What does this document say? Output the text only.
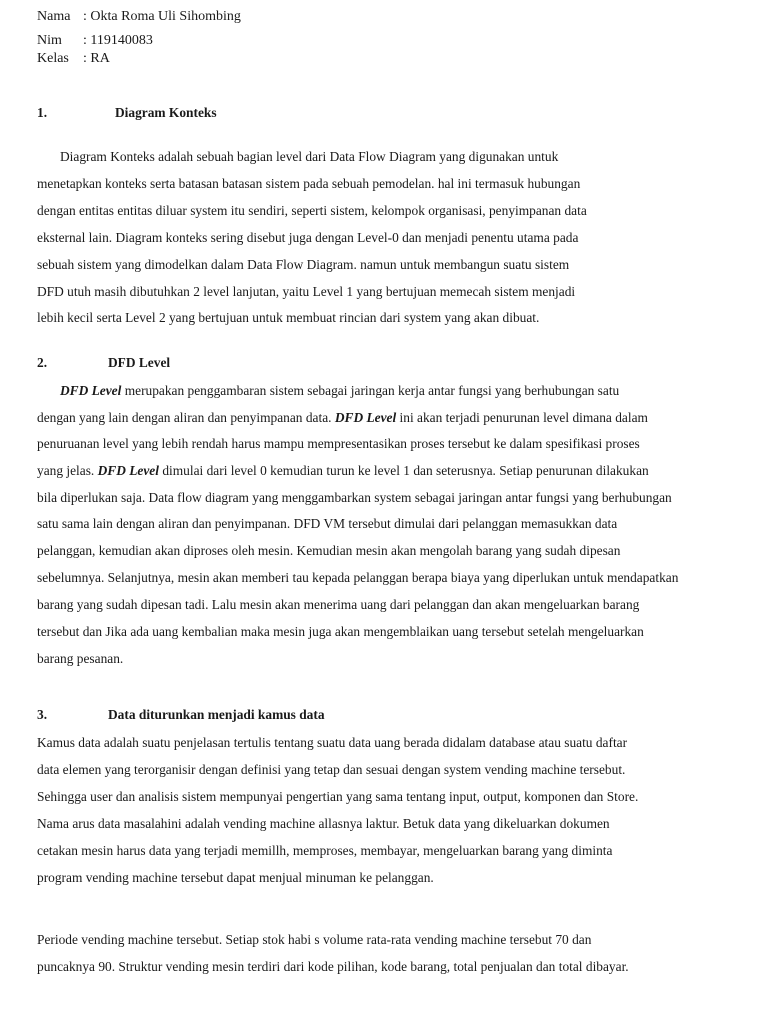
Nama : Okta Roma Uli Sihombing
Nim : 119140083
Kelas : RA
1.	Diagram Konteks
Diagram Konteks adalah sebuah bagian level dari Data Flow Diagram yang digunakan untuk
menetapkan konteks serta batasan batasan sistem pada sebuah pemodelan. hal ini termasuk hubungan
dengan entitas entitas diluar system itu sendiri, seperti sistem, kelompok organisasi, penyimpanan data
eksternal lain. Diagram konteks sering disebut juga dengan Level-0 dan menjadi penentu utama pada
sebuah sistem yang dimodelkan dalam Data Flow Diagram. namun untuk membangun suatu sistem
DFD utuh masih dibutuhkan 2 level lanjutan, yaitu Level 1 yang bertujuan memecah sistem menjadi
lebih kecil serta Level 2 yang bertujuan untuk membuat rincian dari system yang akan dibuat.
2.	DFD Level
DFD Level merupakan penggambaran sistem sebagai jaringan kerja antar fungsi yang berhubungan satu
dengan yang lain dengan aliran dan penyimpanan data. DFD Level ini akan terjadi penurunan level dimana dalam
penuruanan level yang lebih rendah harus mampu mempresentasikan proses tersebut ke dalam spesifikasi proses
yang jelas. DFD Level dimulai dari level 0 kemudian turun ke level 1 dan seterusnya. Setiap penurunan dilakukan
bila diperlukan saja. Data flow diagram yang menggambarkan system sebagai jaringan antar fungsi yang berhubungan
satu sama lain dengan aliran dan penyimpanan. DFD VM tersebut dimulai dari pelanggan memasukkan data
pelanggan, kemudian akan diproses oleh mesin. Kemudian mesin akan mengolah barang yang sudah dipesan
sebelumnya. Selanjutnya, mesin akan memberi tau kepada pelanggan berapa biaya yang diperlukan untuk mendapatkan
barang yang sudah dipesan tadi. Lalu mesin akan menerima uang dari pelanggan dan akan mengeluarkan barang
tersebut dan Jika ada uang kembalian maka mesin juga akan mengemblaikan uang tersebut setelah mengeluarkan
barang pesanan.
3.	Data diturunkan menjadi kamus data
Kamus data adalah suatu penjelasan tertulis tentang suatu data uang berada didalam database atau suatu daftar
data elemen yang terorganisir dengan definisi yang tetap dan sesuai dengan system vending machine tersebut.
Sehingga user dan analisis sistem mempunyai pengertian yang sama tentang input, output, komponen dan Store.
Nama arus data masalahini adalah vending machine allasnya laktur. Betuk data yang dikeluarkan dokumen
cetakan mesin harus data yang terjadi memillh, memproses, membayar, mengeluarkan barang yang diminta
program vending machine tersebut dapat menjual minuman ke pelanggan.
Periode vending machine tersebut. Setiap stok habi s volume rata-rata vending machine tersebut 70 dan
puncaknya 90. Struktur vending mesin terdiri dari kode pilihan, kode barang, total penjualan dan total dibayar.
